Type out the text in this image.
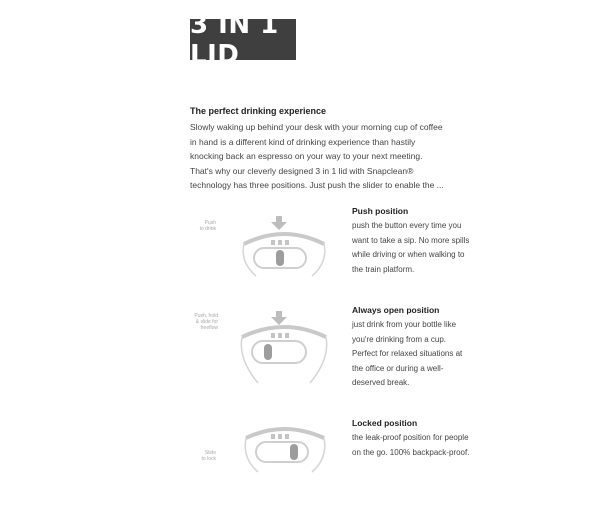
3 IN 1 LID
The perfect drinking experience

Slowly waking up behind your desk with your morning cup of coffee in hand is a different kind of drinking experience than hastily knocking back an espresso on your way to your next meeting. That's why our cleverly designed 3 in 1 lid with Snapclean® technology has three positions. Just push the slider to enable the ...

Push
to drink
Push position

push the button every time you want to take a sip. No more spills while driving or when walking to the train platform.

Push, hold
& slide for
freeflow
Always open position

just drink from your bottle like you're drinking from a cup. Perfect for relaxed situations at the office or during a well-deserved break.

Slide
to lock
Locked position

the leak-proof position for people on the go. 100% backpack-proof.
